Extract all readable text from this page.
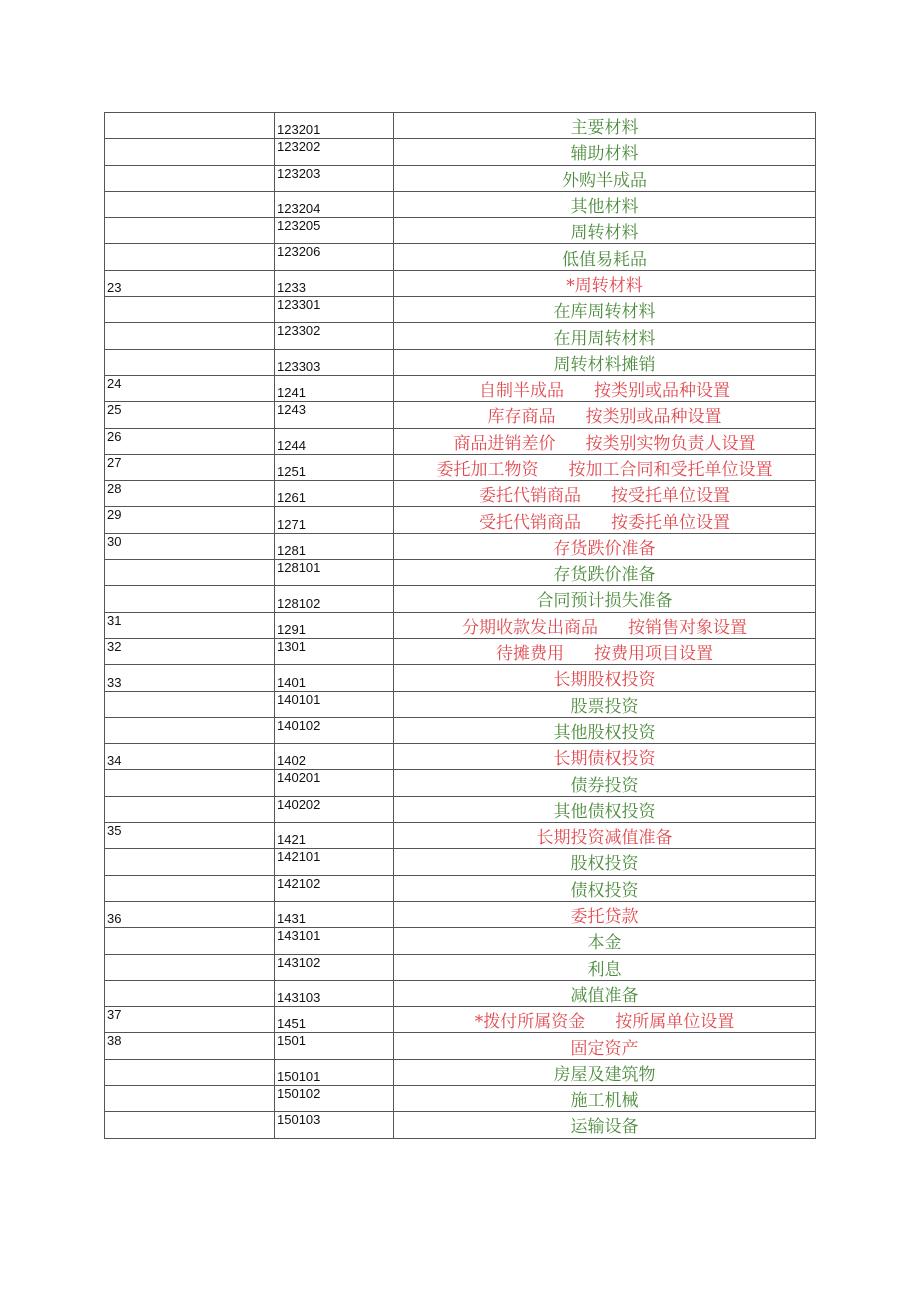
	123201	主要材料
	123202	辅助材料
	123203	外购半成品
	123204	其他材料
	123205	周转材料
	123206	低值易耗品
23	1233	*周转材料
	123301	在库周转材料
	123302	在用周转材料
	123303	周转材料摊销
24	1241	自制半成品 按类别或品种设置
25	1243	库存商品 按类别或品种设置
26	1244	商品进销差价 按类别实物负责人设置
27	1251	委托加工物资 按加工合同和受托单位设置
28	1261	委托代销商品 按受托单位设置
29	1271	受托代销商品 按委托单位设置
30	1281	存货跌价准备
	128101	存货跌价准备
	128102	合同预计损失准备
31	1291	分期收款发出商品 按销售对象设置
32	1301	待摊费用 按费用项目设置
33	1401	长期股权投资
	140101	股票投资
	140102	其他股权投资
34	1402	长期债权投资
	140201	债券投资
	140202	其他债权投资
35	1421	长期投资减值准备
	142101	股权投资
	142102	债权投资
36	1431	委托贷款
	143101	本金
	143102	利息
	143103	减值准备
37	1451	*拨付所属资金 按所属单位设置
38	1501	固定资产
	150101	房屋及建筑物
	150102	施工机械
	150103	运输设备
